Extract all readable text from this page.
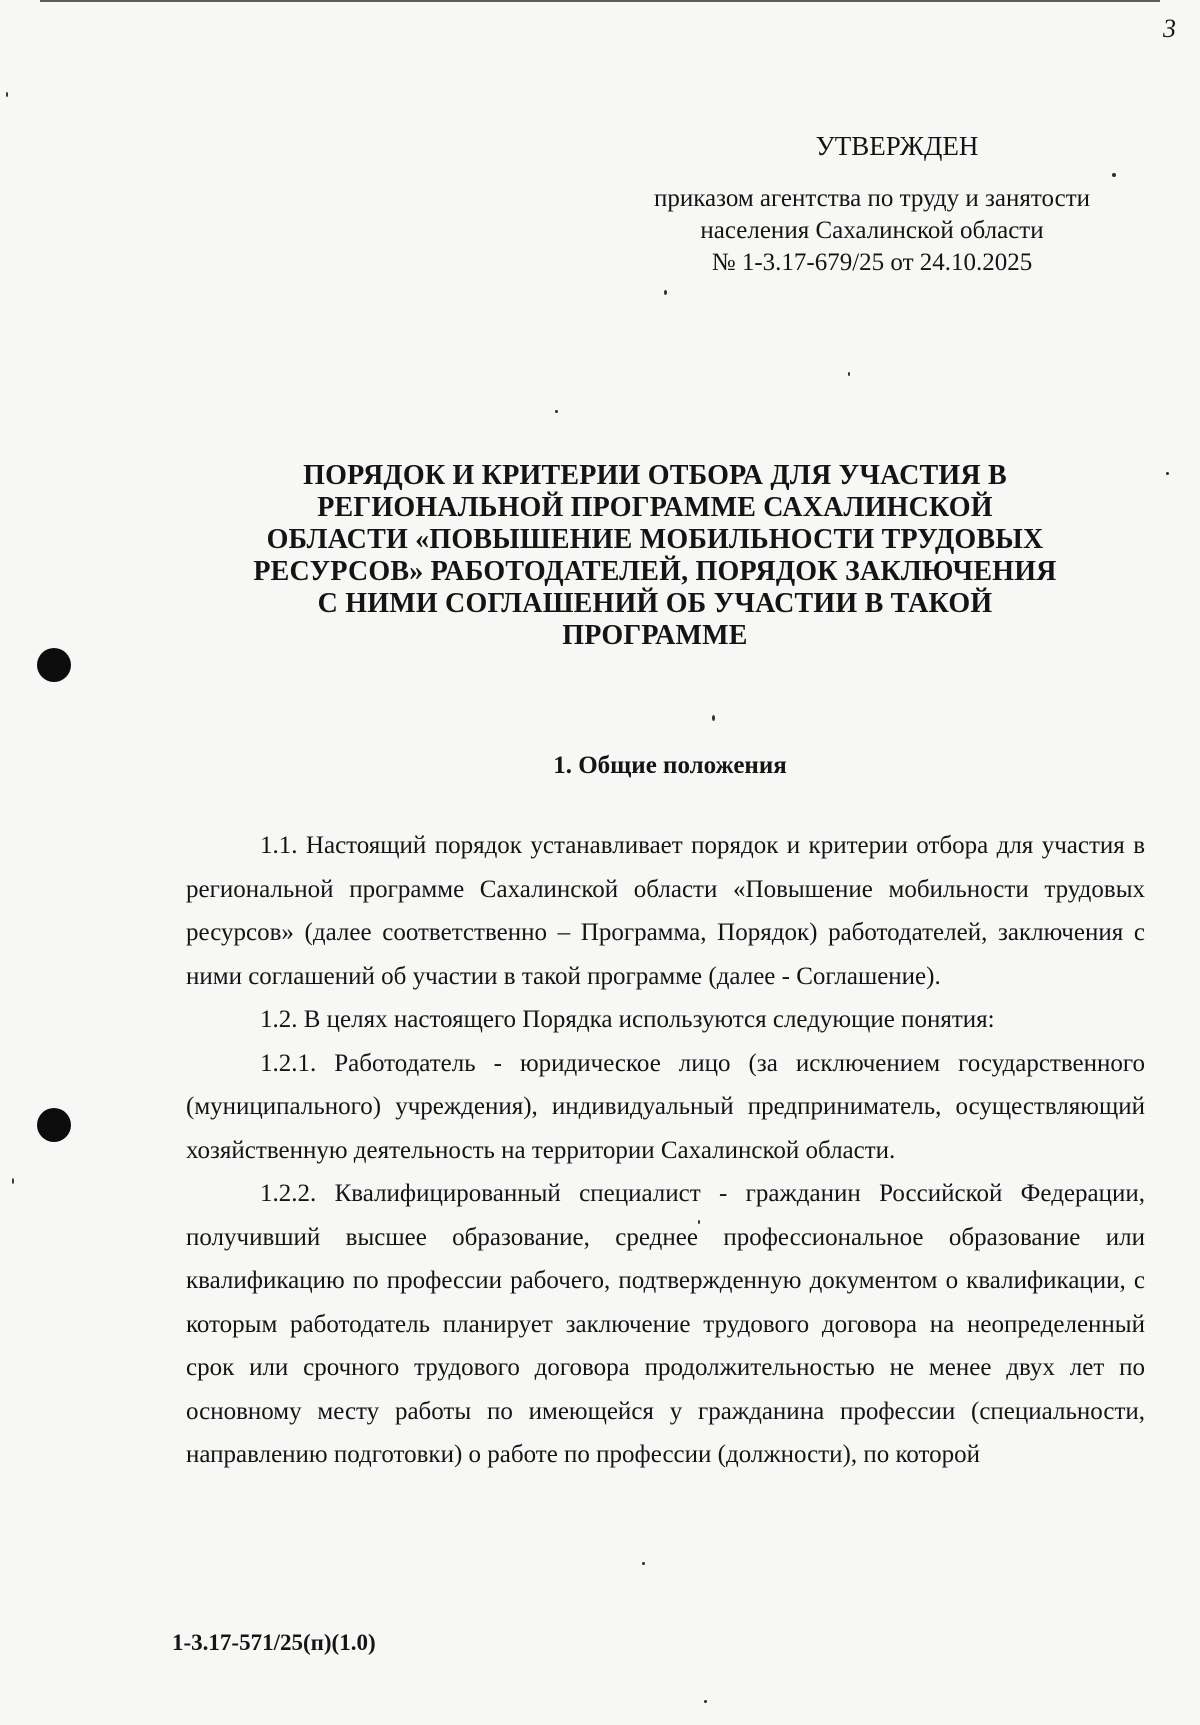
3
УТВЕРЖДЕН
приказом агентства по труду и занятости
населения Сахалинской области
№ 1-3.17-679/25 от 24.10.2025
ПОРЯДОК И КРИТЕРИИ ОТБОРА ДЛЯ УЧАСТИЯ В РЕГИОНАЛЬНОЙ ПРОГРАММЕ САХАЛИНСКОЙ ОБЛАСТИ «ПОВЫШЕНИЕ МОБИЛЬНОСТИ ТРУДОВЫХ РЕСУРСОВ» РАБОТОДАТЕЛЕЙ, ПОРЯДОК ЗАКЛЮЧЕНИЯ С НИМИ СОГЛАШЕНИЙ ОБ УЧАСТИИ В ТАКОЙ ПРОГРАММЕ
1. Общие положения

1.1. Настоящий порядок устанавливает порядок и критерии отбора для участия в региональной программе Сахалинской области «Повышение мобильности трудовых ресурсов» (далее соответственно – Программа, Порядок) работодателей, заключения с ними соглашений об участии в такой программе (далее - Соглашение).

1.2. В целях настоящего Порядка используются следующие понятия:

1.2.1. Работодатель - юридическое лицо (за исключением государственного (муниципального) учреждения), индивидуальный предприниматель, осуществляющий хозяйственную деятельность на территории Сахалинской области.

1.2.2. Квалифицированный специалист - гражданин Российской Федерации, получивший высшее образование, среднее профессиональное образование или квалификацию по профессии рабочего, подтвержденную документом о квалификации, с которым работодатель планирует заключение трудового договора на неопределенный срок или срочного трудового договора продолжительностью не менее двух лет по основному месту работы по имеющейся у гражданина профессии (специальности, направлению подготовки) о работе по профессии (должности), по которой

1-3.17-571/25(п)(1.0)
